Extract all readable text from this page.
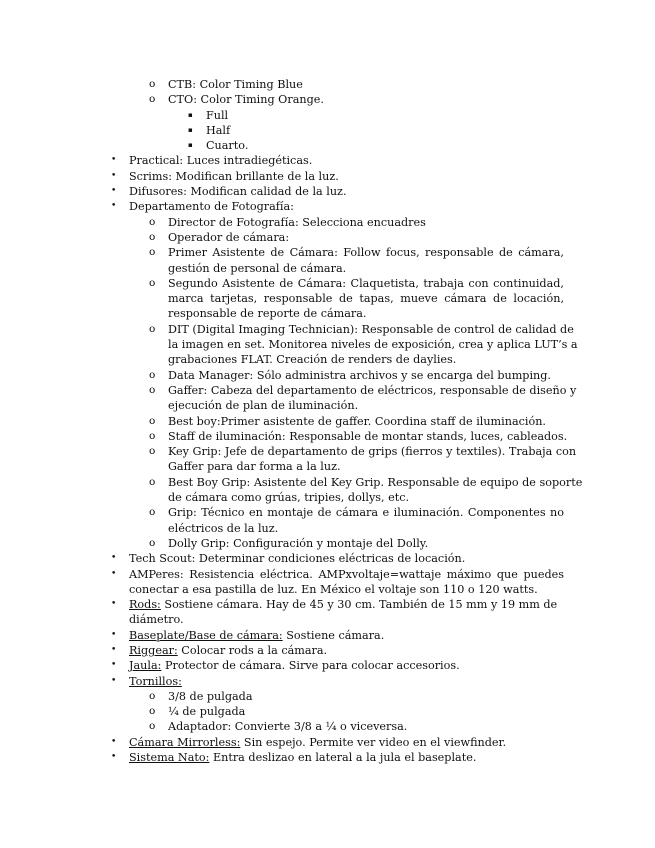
o CTB: Color Timing Blue
o CTO: Color Timing Orange.
▪ Full
▪ Half
▪ Cuarto.
• Practical: Luces intradiegéticas.
• Scrims: Modifican brillante de la luz.
• Difusores: Modifican calidad de la luz.
• Departamento de Fotografía:
o Director de Fotografía: Selecciona encuadres
o Operador de cámara:
o Primer Asistente de Cámara: Follow focus, responsable de cámara,
gestión de personal de cámara.
o Segundo Asistente de Cámara: Claquetista, trabaja con continuidad,
marca tarjetas, responsable de tapas, mueve cámara de locación,
responsable de reporte de cámara.
o DIT (Digital Imaging Technician): Responsable de control de calidad de
la imagen en set. Monitorea niveles de exposición, crea y aplica LUT’s a
grabaciones FLAT. Creación de renders de daylies.
o Data Manager: Sólo administra archivos y se encarga del bumping.
o Gaffer: Cabeza del departamento de eléctricos, responsable de diseño y
ejecución de plan de iluminación.
o Best boy:Primer asistente de gaffer. Coordina staff de iluminación.
o Staff de iluminación: Responsable de montar stands, luces, cableados.
o Key Grip: Jefe de departamento de grips (fierros y textiles). Trabaja con
Gaffer para dar forma a la luz.
o Best Boy Grip: Asistente del Key Grip. Responsable de equipo de soporte
de cámara como grúas, tripies, dollys, etc.
o Grip: Técnico en montaje de cámara e iluminación. Componentes no
eléctricos de la luz.
o Dolly Grip: Configuración y montaje del Dolly.
• Tech Scout: Determinar condiciones eléctricas de locación.
• AMPeres: Resistencia eléctrica. AMPxvoltaje=wattaje máximo que puedes
conectar a esa pastilla de luz. En México el voltaje son 110 o 120 watts.
• Rods: Sostiene cámara. Hay de 45 y 30 cm. También de 15 mm y 19 mm de
diámetro.
• Baseplate/Base de cámara: Sostiene cámara.
• Riggear: Colocar rods a la cámara.
• Jaula: Protector de cámara. Sirve para colocar accesorios.
• Tornillos:
o 3/8 de pulgada
o ¼ de pulgada
o Adaptador: Convierte 3/8 a ¼ o viceversa.
• Cámara Mirrorless: Sin espejo. Permite ver video en el viewfinder.
• Sistema Nato: Entra deslizao en lateral a la jula el baseplate.
